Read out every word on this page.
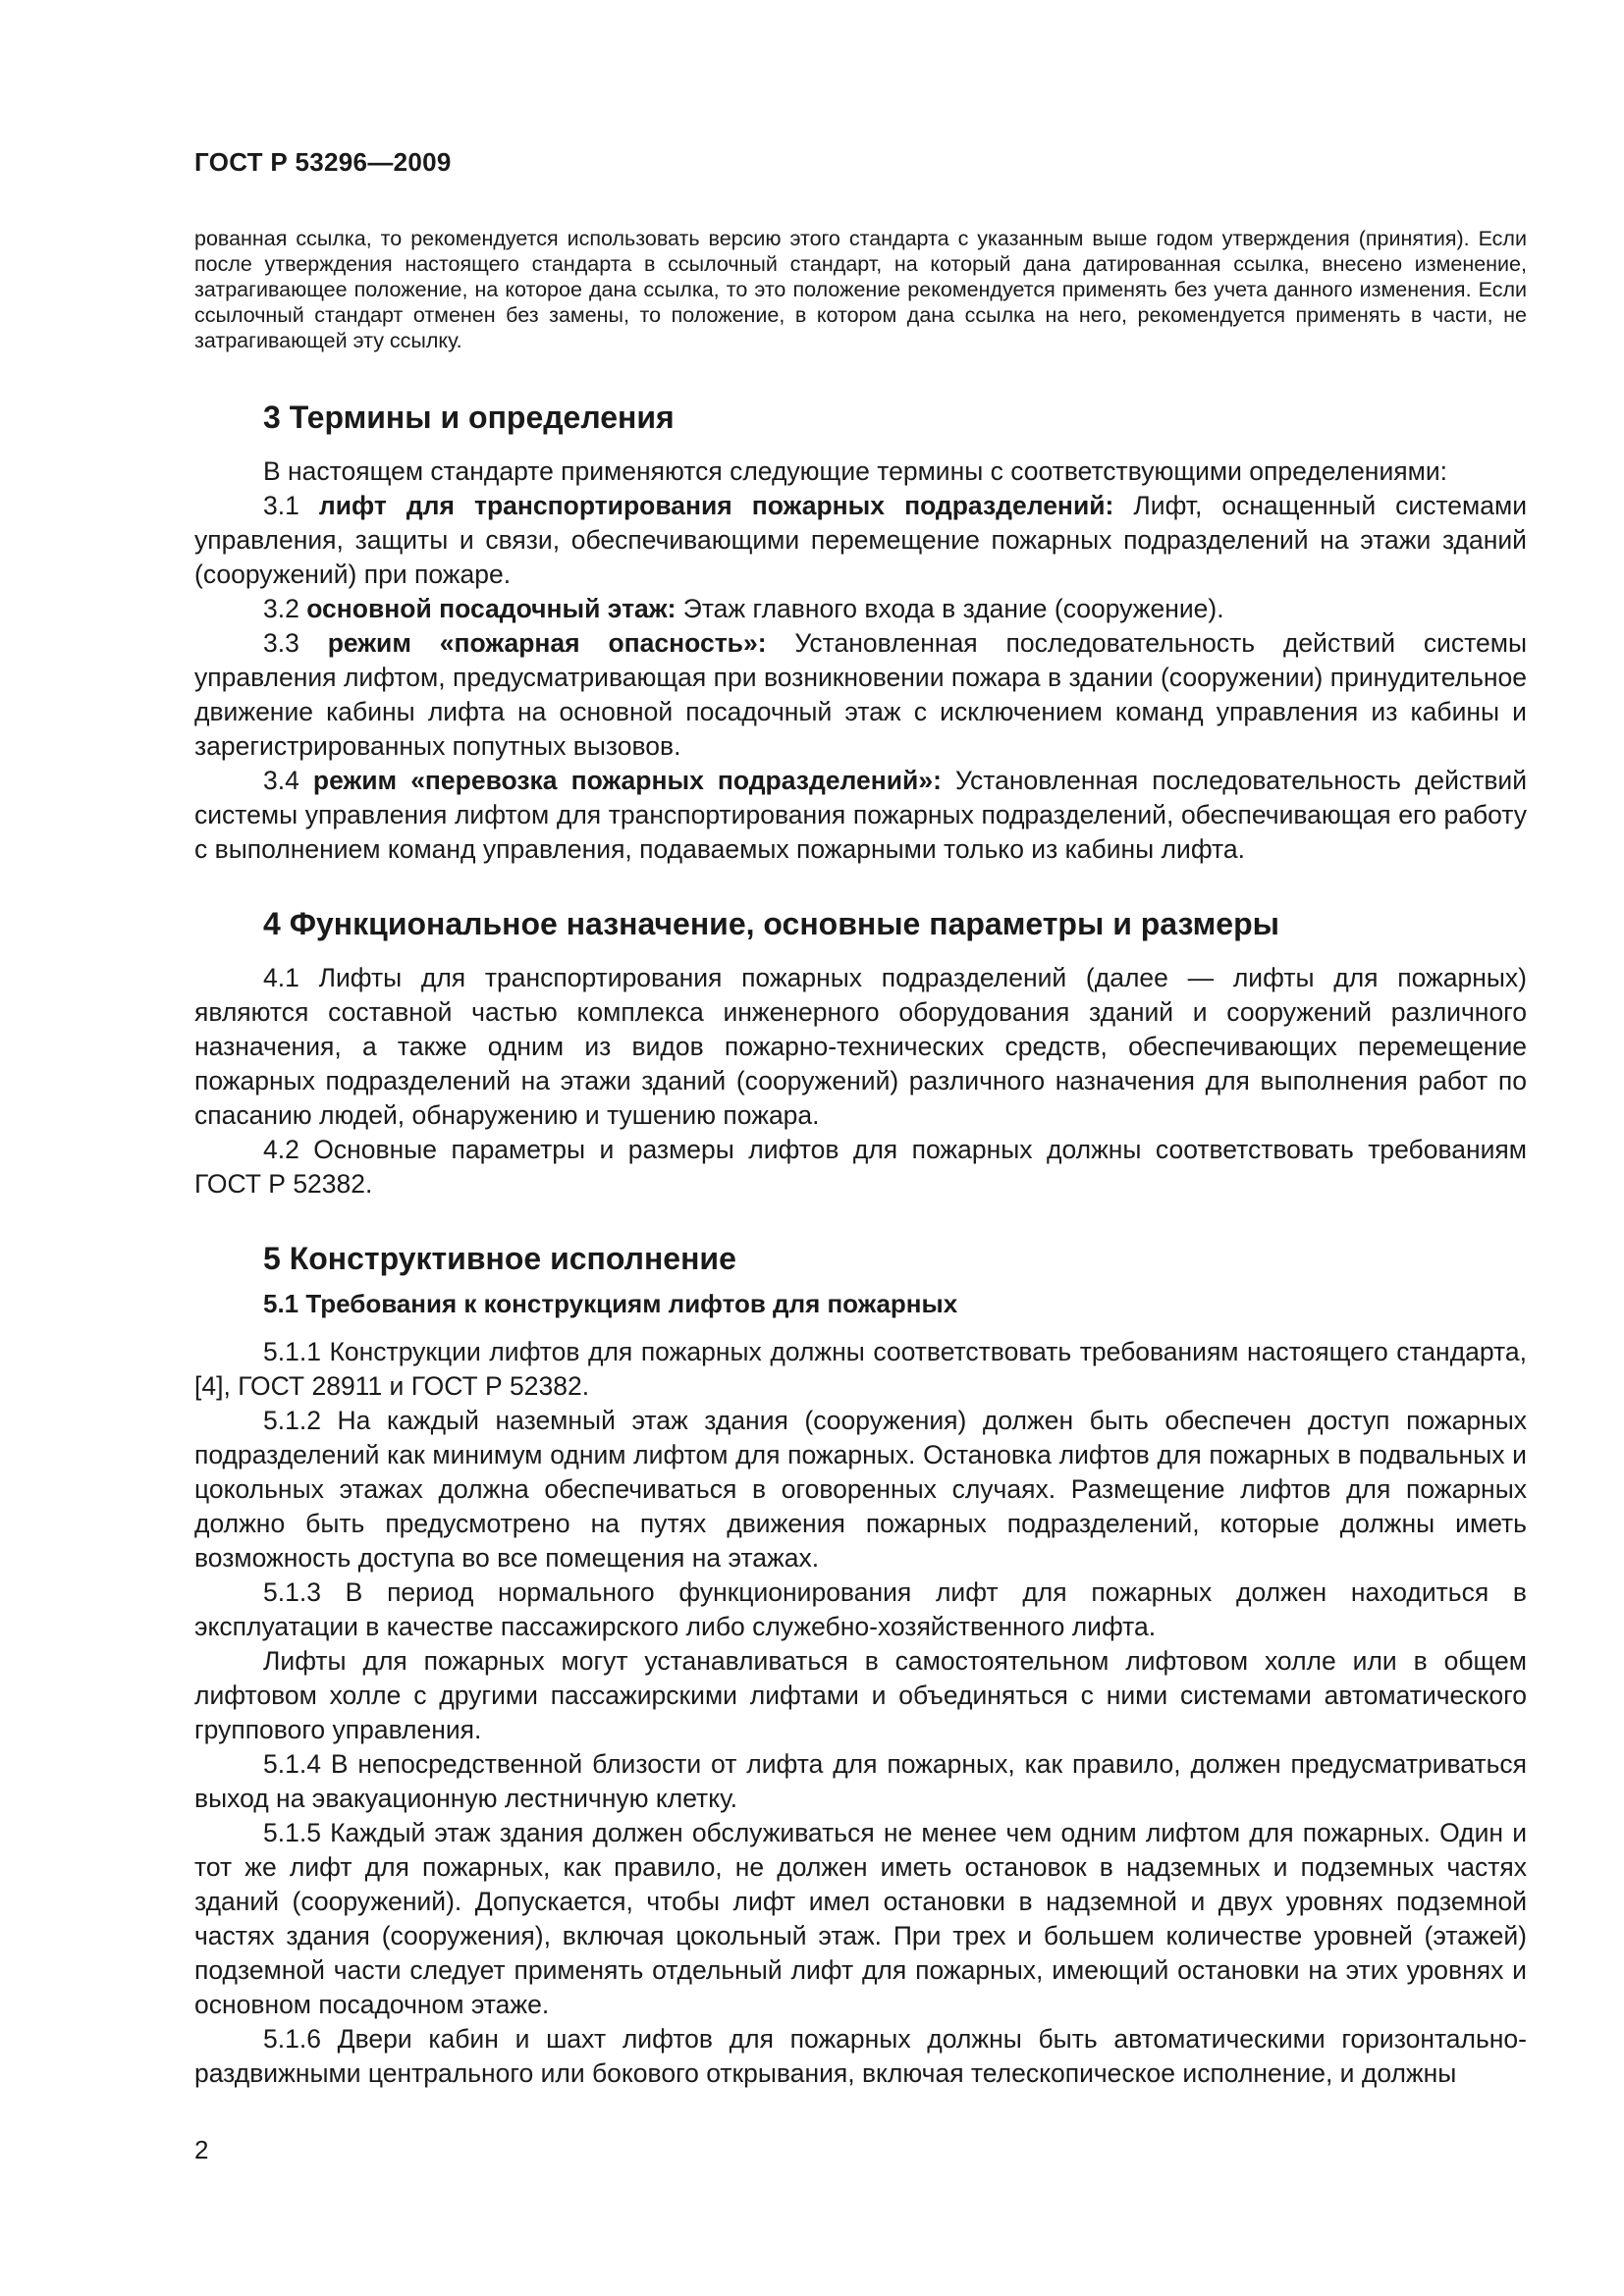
ГОСТ Р 53296—2009

рованная ссылка, то рекомендуется использовать версию этого стандарта с указанным выше годом утверждения (принятия). Если после утверждения настоящего стандарта в ссылочный стандарт, на который дана датированная ссылка, внесено изменение, затрагивающее положение, на которое дана ссылка, то это положение рекомендуется применять без учета данного изменения. Если ссылочный стандарт отменен без замены, то положение, в котором дана ссылка на него, рекомендуется применять в части, не затрагивающей эту ссылку.

3 Термины и определения

В настоящем стандарте применяются следующие термины с соответствующими определениями:

3.1 лифт для транспортирования пожарных подразделений: Лифт, оснащенный системами управления, защиты и связи, обеспечивающими перемещение пожарных подразделений на этажи зданий (сооружений) при пожаре.

3.2 основной посадочный этаж: Этаж главного входа в здание (сооружение).

3.3 режим «пожарная опасность»: Установленная последовательность действий системы управления лифтом, предусматривающая при возникновении пожара в здании (сооружении) принудительное движение кабины лифта на основной посадочный этаж с исключением команд управления из кабины и зарегистрированных попутных вызовов.

3.4 режим «перевозка пожарных подразделений»: Установленная последовательность действий системы управления лифтом для транспортирования пожарных подразделений, обеспечивающая его работу с выполнением команд управления, подаваемых пожарными только из кабины лифта.

4 Функциональное назначение, основные параметры и размеры

4.1 Лифты для транспортирования пожарных подразделений (далее — лифты для пожарных) являются составной частью комплекса инженерного оборудования зданий и сооружений различного назначения, а также одним из видов пожарно-технических средств, обеспечивающих перемещение пожарных подразделений на этажи зданий (сооружений) различного назначения для выполнения работ по спасанию людей, обнаружению и тушению пожара.

4.2 Основные параметры и размеры лифтов для пожарных должны соответствовать требованиям ГОСТ Р 52382.

5 Конструктивное исполнение
5.1 Требования к конструкциям лифтов для пожарных

5.1.1 Конструкции лифтов для пожарных должны соответствовать требованиям настоящего стандарта, [4], ГОСТ 28911 и ГОСТ Р 52382.

5.1.2 На каждый наземный этаж здания (сооружения) должен быть обеспечен доступ пожарных подразделений как минимум одним лифтом для пожарных. Остановка лифтов для пожарных в подвальных и цокольных этажах должна обеспечиваться в оговоренных случаях. Размещение лифтов для пожарных должно быть предусмотрено на путях движения пожарных подразделений, которые должны иметь возможность доступа во все помещения на этажах.

5.1.3 В период нормального функционирования лифт для пожарных должен находиться в эксплуатации в качестве пассажирского либо служебно-хозяйственного лифта.

Лифты для пожарных могут устанавливаться в самостоятельном лифтовом холле или в общем лифтовом холле с другими пассажирскими лифтами и объединяться с ними системами автоматического группового управления.

5.1.4 В непосредственной близости от лифта для пожарных, как правило, должен предусматриваться выход на эвакуационную лестничную клетку.

5.1.5 Каждый этаж здания должен обслуживаться не менее чем одним лифтом для пожарных. Один и тот же лифт для пожарных, как правило, не должен иметь остановок в надземных и подземных частях зданий (сооружений). Допускается, чтобы лифт имел остановки в надземной и двух уровнях подземной частях здания (сооружения), включая цокольный этаж. При трех и большем количестве уровней (этажей) подземной части следует применять отдельный лифт для пожарных, имеющий остановки на этих уровнях и основном посадочном этаже.

5.1.6 Двери кабин и шахт лифтов для пожарных должны быть автоматическими горизонтально-раздвижными центрального или бокового открывания, включая телескопическое исполнение, и должны

2
